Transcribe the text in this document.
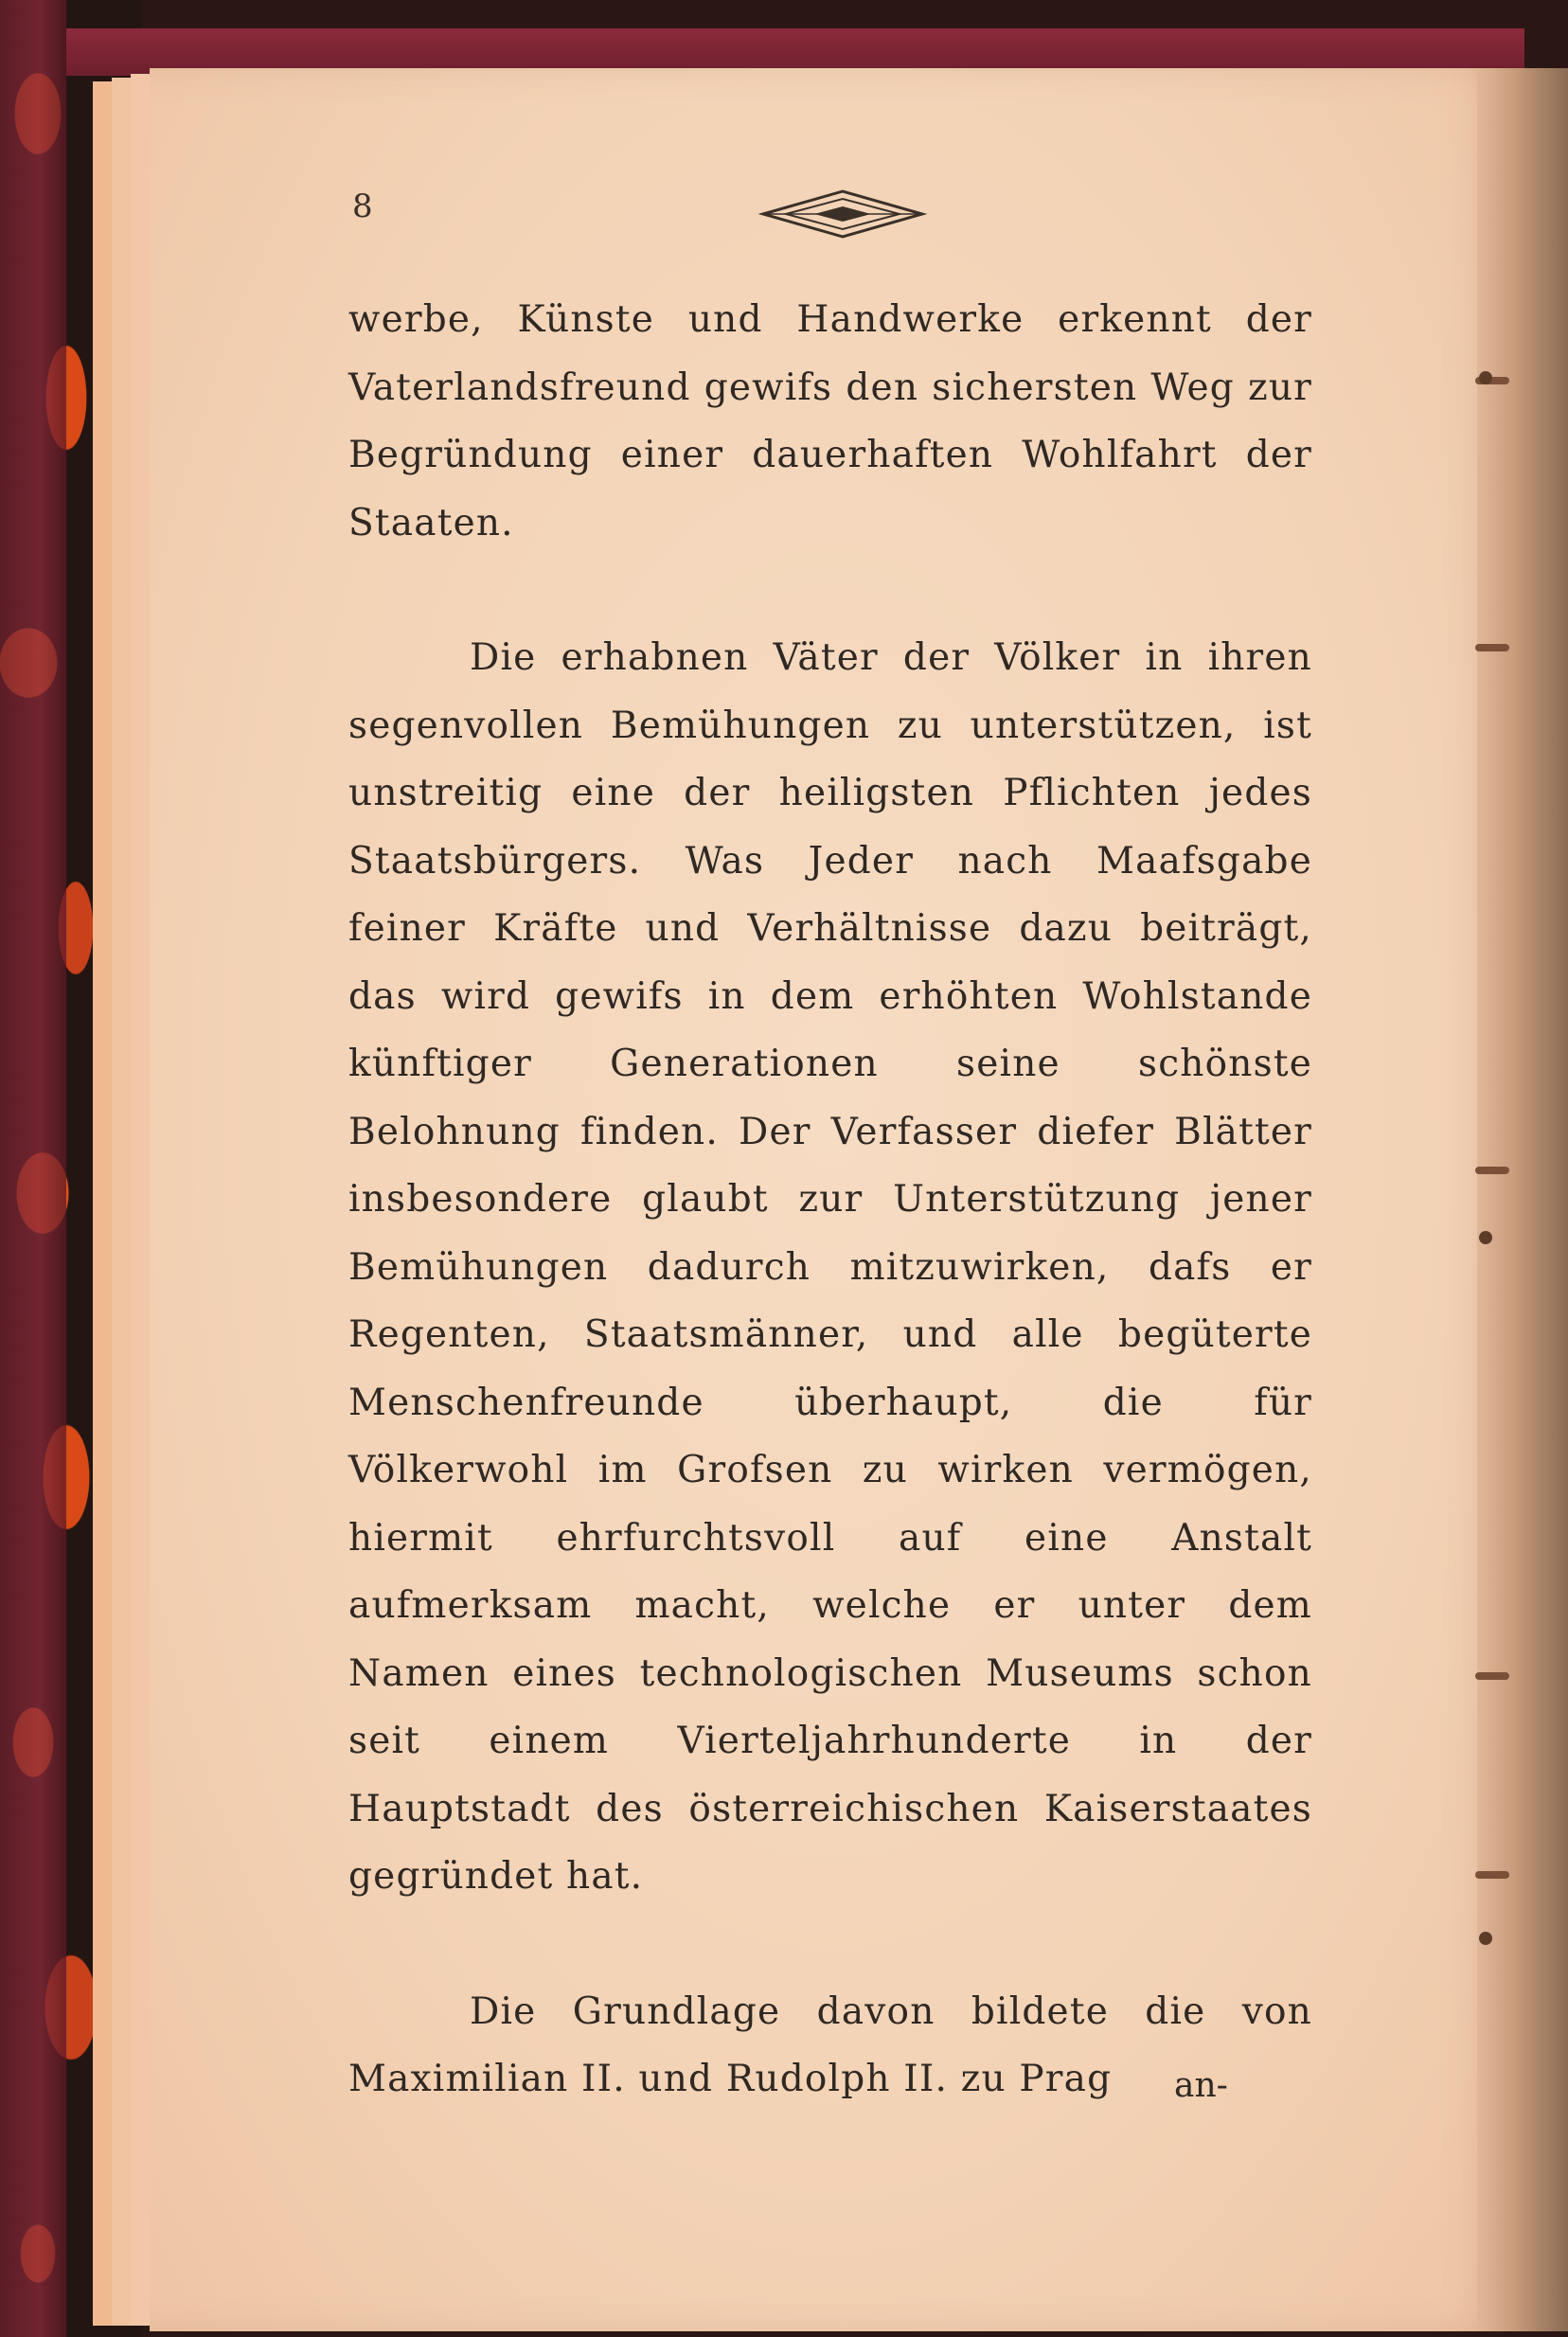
8

werbe, Künste und Handwerke erkennt der Vaterlandsfreund gewifs den sichersten Weg zur Begründung einer dauerhaften Wohlfahrt der Staaten.

Die erhabnen Väter der Völker in ihren segenvollen Bemühungen zu unterstützen, ist unstreitig eine der heiligsten Pflichten jedes Staatsbürgers. Was Jeder nach Maafsgabe feiner Kräfte und Verhältnisse dazu beiträgt, das wird gewifs in dem erhöhten Wohlstande künftiger Generationen seine schönste Belohnung finden. Der Verfasser diefer Blätter insbesondere glaubt zur Unterstützung jener Bemühungen dadurch mitzuwirken, dafs er Regenten, Staatsmänner, und alle begüterte Menschenfreunde überhaupt, die für Völkerwohl im Grofsen zu wirken vermögen, hiermit ehrfurchtsvoll auf eine Anstalt aufmerksam macht, welche er unter dem Namen eines technologischen Museums schon seit einem Vierteljahrhunderte in der Hauptstadt des österreichischen Kaiserstaates gegründet hat.

Die Grundlage davon bildete die von Maximilian II. und Rudolph II. zu Prag	an-
